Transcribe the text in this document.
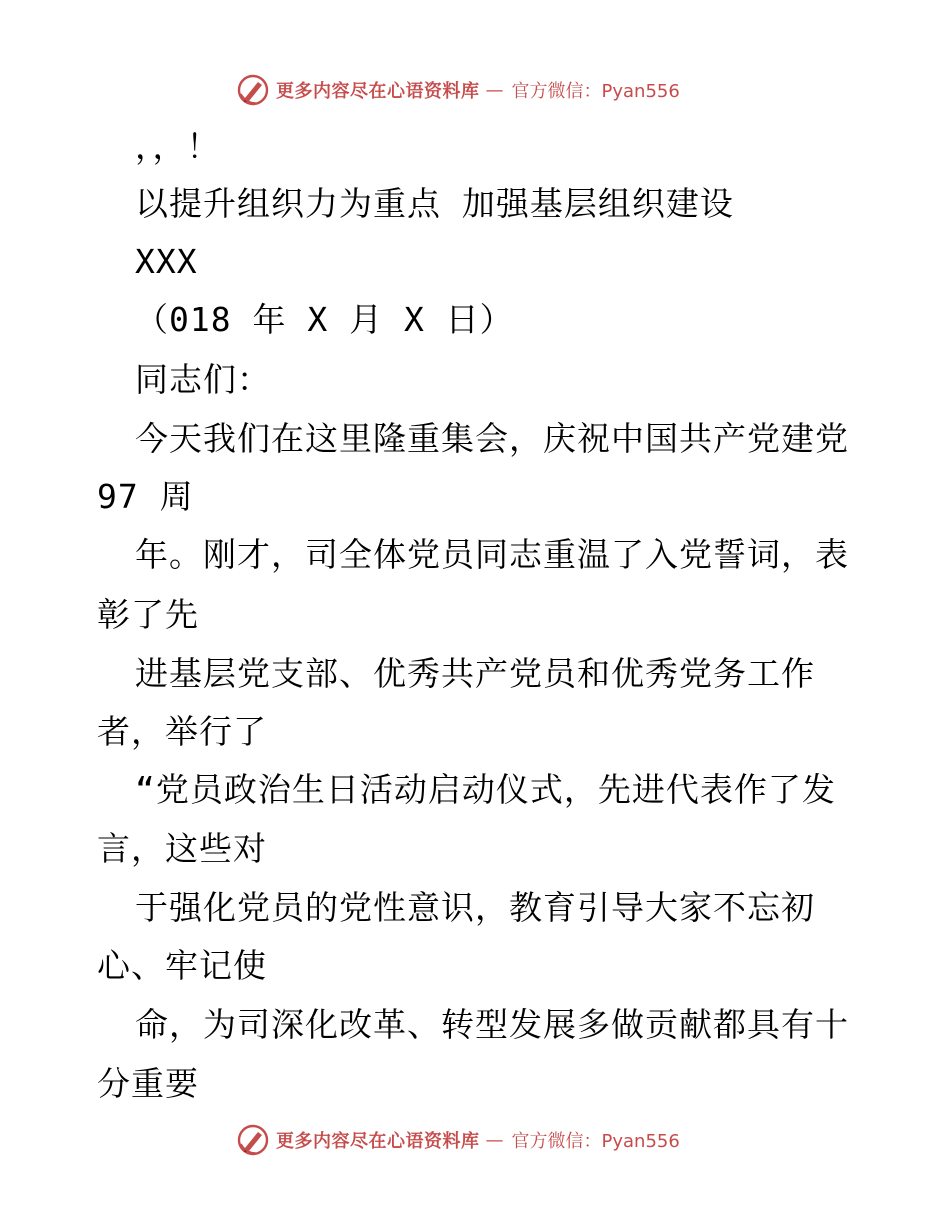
更多内容尽在心语资料库 — 官方微信：Pyan556
，，！
以提升组织力为重点 加强基层组织建设
XXX
（018 年 X 月 X 日）
同志们：
今天我们在这里隆重集会，庆祝中国共产党建党
97 周
年。刚才，司全体党员同志重温了入党誓词，表
彰了先
进基层党支部、优秀共产党员和优秀党务工作
者，举行了
“党员政治生日活动启动仪式，先进代表作了发
言，这些对
于强化党员的党性意识，教育引导大家不忘初
心、牢记使
命，为司深化改革、转型发展多做贡献都具有十
分重要
更多内容尽在心语资料库 — 官方微信：Pyan556
